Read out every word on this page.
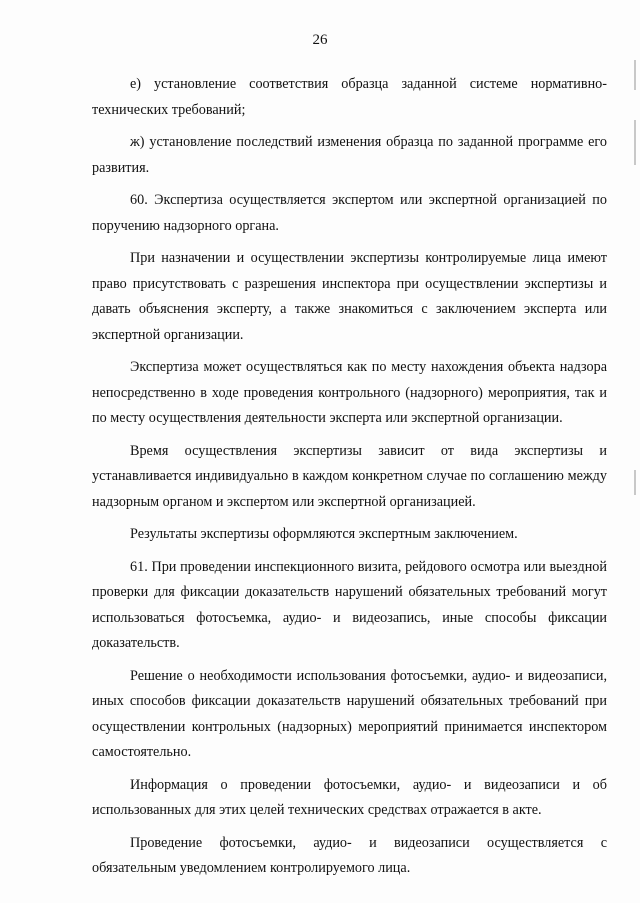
26

е) установление соответствия образца заданной системе нормативно-технических требований;

ж) установление последствий изменения образца по заданной программе его развития.

60. Экспертиза осуществляется экспертом или экспертной организацией по поручению надзорного органа.

При назначении и осуществлении экспертизы контролируемые лица имеют право присутствовать с разрешения инспектора при осуществлении экспертизы и давать объяснения эксперту, а также знакомиться с заключением эксперта или экспертной организации.

Экспертиза может осуществляться как по месту нахождения объекта надзора непосредственно в ходе проведения контрольного (надзорного) мероприятия, так и по месту осуществления деятельности эксперта или экспертной организации.

Время осуществления экспертизы зависит от вида экспертизы и устанавливается индивидуально в каждом конкретном случае по соглашению между надзорным органом и экспертом или экспертной организацией.

Результаты экспертизы оформляются экспертным заключением.

61. При проведении инспекционного визита, рейдового осмотра или выездной проверки для фиксации доказательств нарушений обязательных требований могут использоваться фотосъемка, аудио- и видеозапись, иные способы фиксации доказательств.

Решение о необходимости использования фотосъемки, аудио- и видеозаписи, иных способов фиксации доказательств нарушений обязательных требований при осуществлении контрольных (надзорных) мероприятий принимается инспектором самостоятельно.

Информация о проведении фотосъемки, аудио- и видеозаписи и об использованных для этих целей технических средствах отражается в акте.

Проведение фотосъемки, аудио- и видеозаписи осуществляется с обязательным уведомлением контролируемого лица.
